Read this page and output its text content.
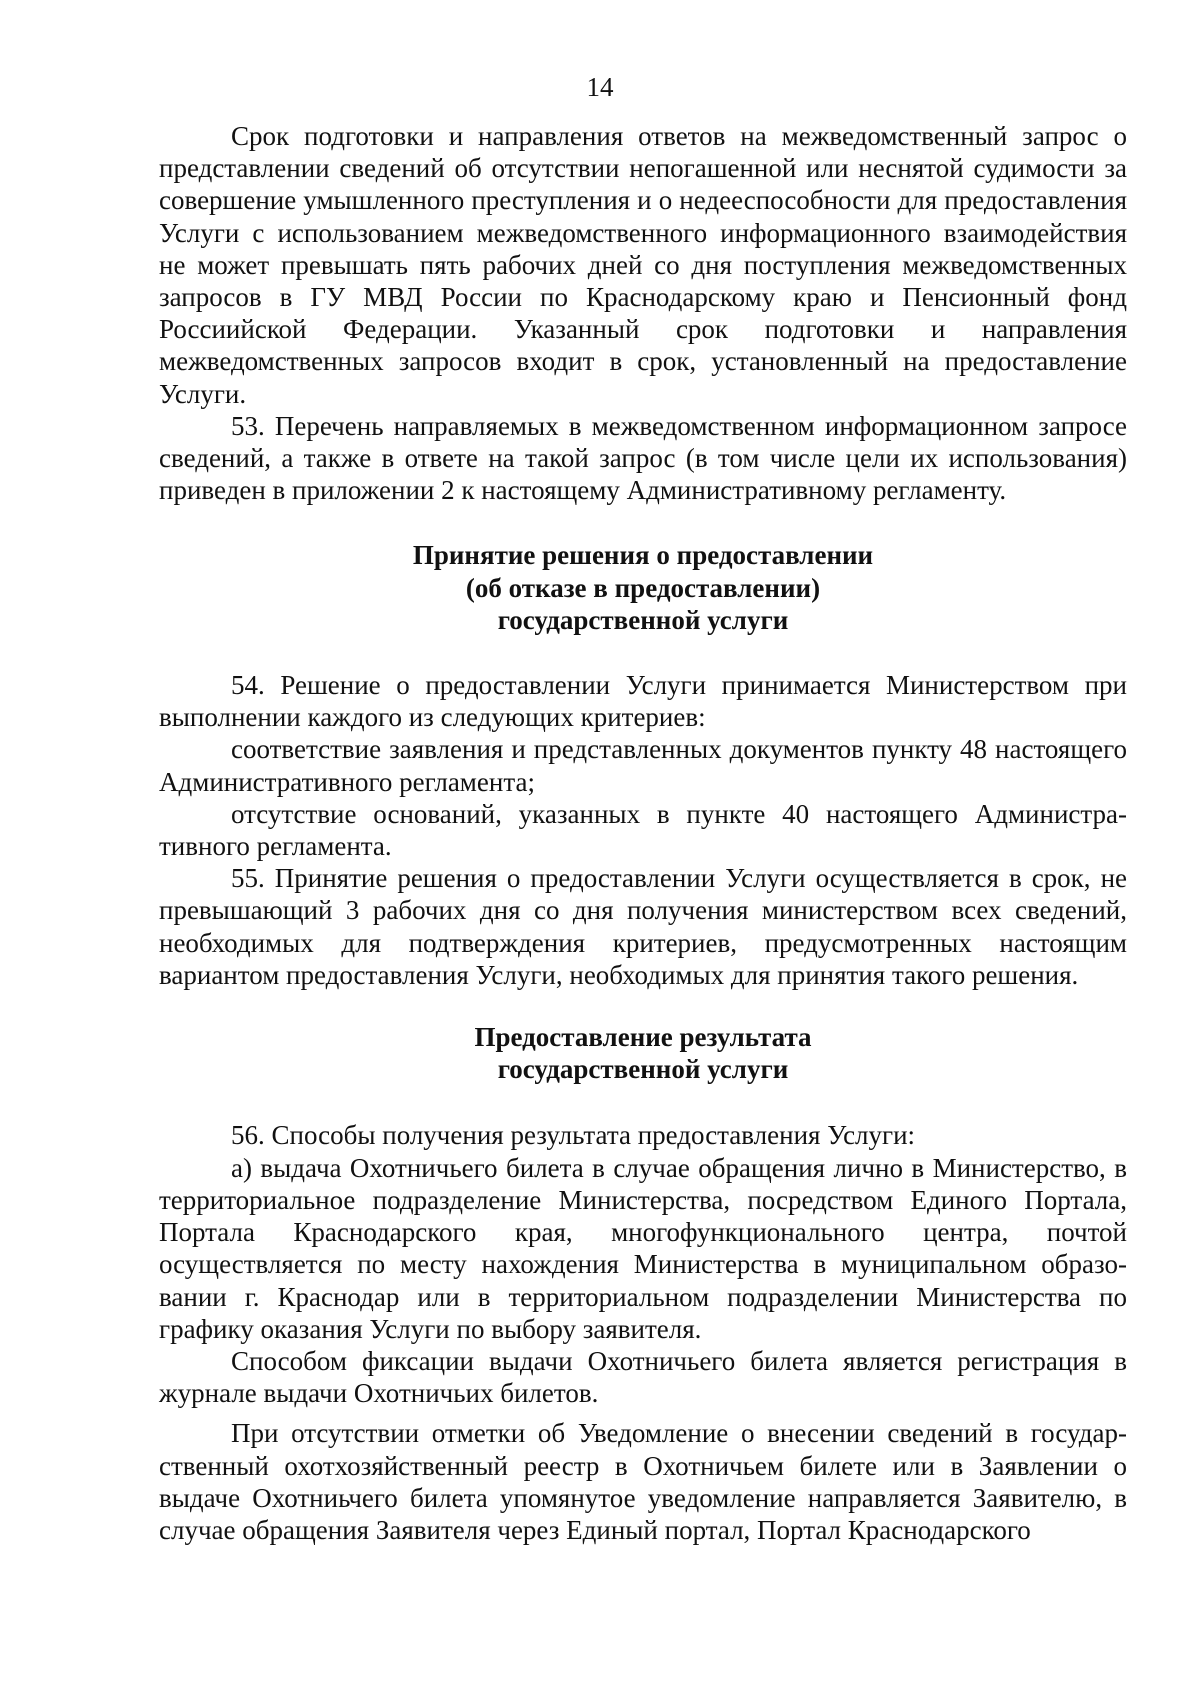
14

Срок подготовки и направления ответов на межведомственный запрос о представлении сведений об отсутствии непогашенной или неснятой судимости за совершение умышленного преступления и о недееспособности для предоставления Услуги с использованием межведомственного информационного взаимодействия не может превышать пять рабочих дней со дня поступления межведомственных запросов в ГУ МВД России по Краснодарскому краю и Пенсионный фонд Россиийской Федерации. Указанный срок подготовки и направления межведомственных запросов входит в срок, установленный на предоставление Услуги.

53. Перечень направляемых в межведомственном информационном запросе сведений, а также в ответе на такой запрос (в том числе цели их использования) приведен в приложении 2 к настоящему Административному регламенту.

Принятие решения о предоставлении

(об отказе в предоставлении)

государственной услуги

54. Решение о предоставлении Услуги принимается Министерством при выполнении каждого из следующих критериев:

соответствие заявления и представленных документов пункту 48 настоящего Административного регламента;

отсутствие оснований, указанных в пункте 40 настоящего Административного регламента.

55. Принятие решения о предоставлении Услуги осуществляется в срок, не превышающий 3 рабочих дня со дня получения министерством всех сведений, необходимых для подтверждения критериев, предусмотренных настоящим вариантом предоставления Услуги, необходимых для принятия такого решения.

Предоставление результата

государственной услуги

56. Способы получения результата предоставления Услуги:

а) выдача Охотничьего билета в случае обращения лично в Министерство, в территориальное подразделение Министерства, посредством Единого Портала, Портала Краснодарского края, многофункционального центра, почтой осуществляется по месту нахождения Министерства в муниципальном образовании г. Краснодар или в территориальном подразделении Министерства по графику оказания Услуги по выбору заявителя.

Способом фиксации выдачи Охотничьего билета является регистрация в журнале выдачи Охотничьих билетов.

При отсутствии отметки об Уведомление о внесении сведений в государственный охотхозяйственный реестр в Охотничьем билете или в Заявлении о выдаче Охотниьчего билета упомянутое уведомление направляется Заявителю, в случае обращения Заявителя через Единый портал, Портал Краснодарского
